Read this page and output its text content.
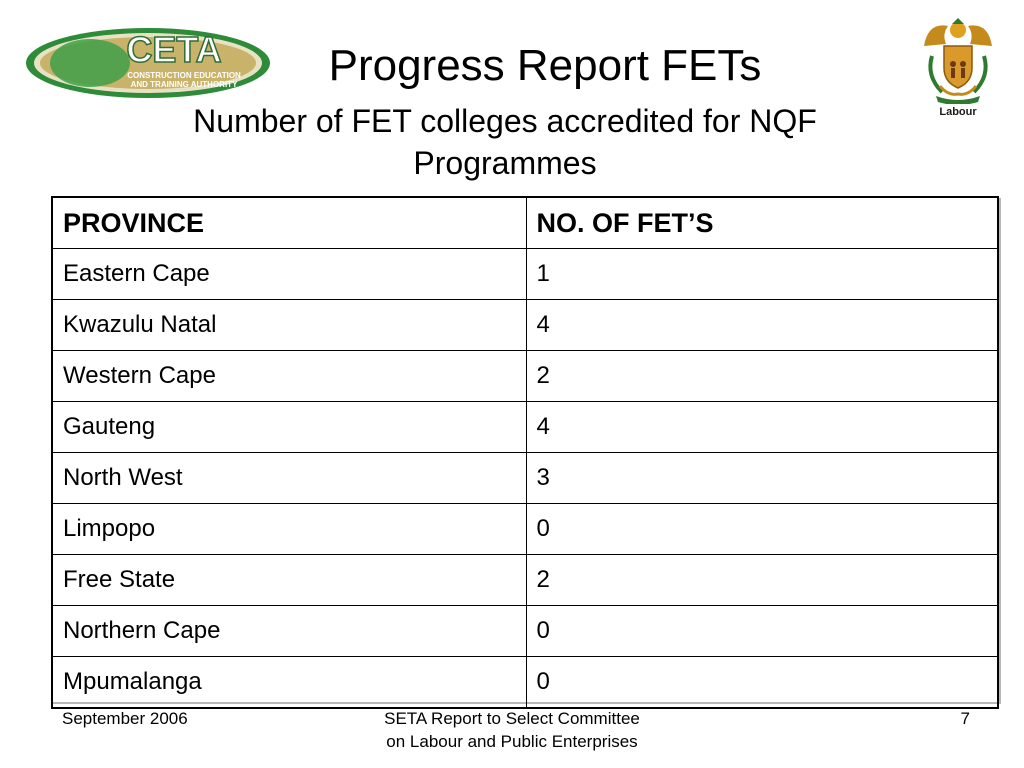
CETA
CONSTRUCTION EDUCATION
AND TRAINING AUTHORITY
Labour
Progress Report FETs
Number of FET colleges accredited for NQF Programmes
PROVINCE	NO. OF FET’S
Eastern Cape	1
Kwazulu Natal	4
Western Cape	2
Gauteng	4
North West	3
Limpopo	0
Free State	2
Northern Cape	0
Mpumalanga	0
September 2006	SETA Report to Select Committee
on Labour and Public Enterprises
7
